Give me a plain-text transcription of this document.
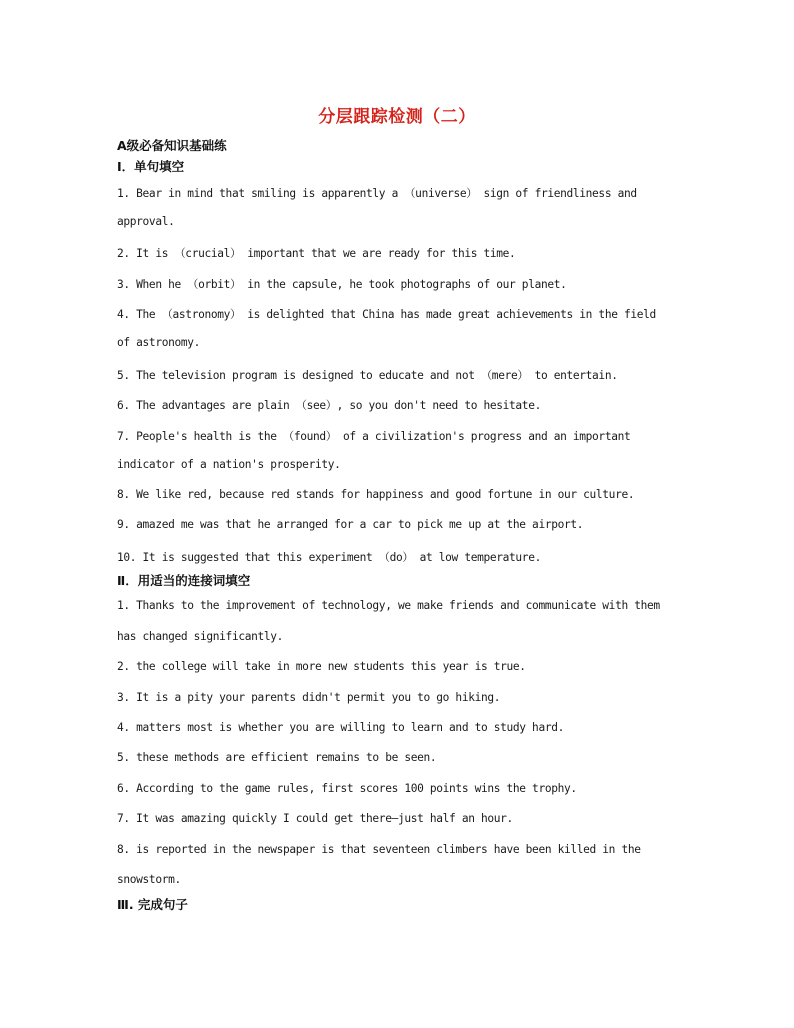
分层跟踪检测（二）
A级必备知识基础练
Ⅰ．单句填空
1. Bear in mind that smiling is apparently a （universe） sign of friendliness and
approval.
2. It is （crucial） important that we are ready for this time.
3. When he （orbit） in the capsule, he took photographs of our planet.
4. The （astronomy） is delighted that China has made great achievements in the field
of astronomy.
5. The television program is designed to educate and not （mere） to entertain.
6. The advantages are plain （see）, so you don't need to hesitate.
7. People's health is the （found） of a civilization's progress and an important
indicator of a nation's prosperity.
8. We like red, because red stands for happiness and good fortune in our culture.
9. amazed me was that he arranged for a car to pick me up at the airport.
10. It is suggested that this experiment （do） at low temperature.
Ⅱ．用适当的连接词填空
1. Thanks to the improvement of technology, we make friends and communicate with them
has changed significantly.
2. the college will take in more new students this year is true.
3. It is a pity your parents didn't permit you to go hiking.
4. matters most is whether you are willing to learn and to study hard.
5. these methods are efficient remains to be seen.
6. According to the game rules, first scores 100 points wins the trophy.
7. It was amazing quickly I could get there—just half an hour.
8. is reported in the newspaper is that seventeen climbers have been killed in the
snowstorm.
Ⅲ. 完成句子
